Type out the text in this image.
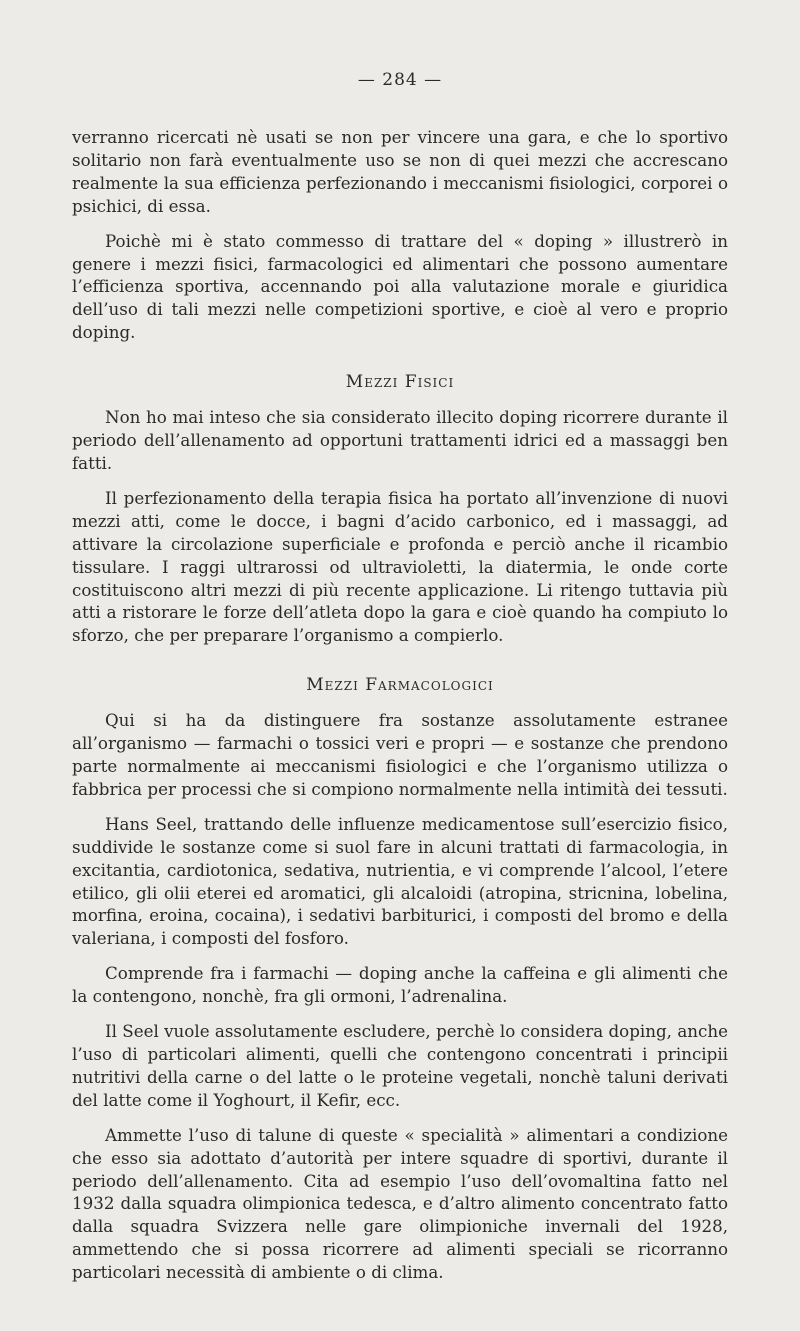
— 284 —

verranno ricercati nè usati se non per vincere una gara, e che lo sportivo solitario non farà eventualmente uso se non di quei mezzi che accrescano realmente la sua efficienza perfezionando i meccanismi fisiologici, corporei o psichici, di essa.

Poichè mi è stato commesso di trattare del « doping » illustrerò in genere i mezzi fisici, farmacologici ed alimentari che possono aumentare l’efficienza sportiva, accennando poi alla valutazione morale e giuridica dell’uso di tali mezzi nelle competizioni sportive, e cioè al vero e proprio doping.

Mezzi Fisici

Non ho mai inteso che sia considerato illecito doping ricorrere durante il periodo dell’allenamento ad opportuni trattamenti idrici ed a massaggi ben fatti.

Il perfezionamento della terapia fisica ha portato all’invenzione di nuovi mezzi atti, come le docce, i bagni d’acido carbonico, ed i massaggi, ad attivare la circolazione superficiale e profonda e perciò anche il ricambio tissulare. I raggi ultrarossi od ultravioletti, la diatermia, le onde corte costituiscono altri mezzi di più recente applicazione. Li ritengo tuttavia più atti a ristorare le forze dell’atleta dopo la gara e cioè quando ha compiuto lo sforzo, che per preparare l’organismo a compierlo.

Mezzi Farmacologici

Qui si ha da distinguere fra sostanze assolutamente estranee all’organismo — farmachi o tossici veri e propri — e sostanze che prendono parte normalmente ai meccanismi fisiologici e che l’organismo utilizza o fabbrica per processi che si compiono normalmente nella intimità dei tessuti.

Hans Seel, trattando delle influenze medicamentose sull’esercizio fisico, suddivide le sostanze come si suol fare in alcuni trattati di farmacologia, in excitantia, cardiotonica, sedativa, nutrientia, e vi comprende l’alcool, l’etere etilico, gli olii eterei ed aromatici, gli alcaloidi (atropina, stricnina, lobelina, morfina, eroina, cocaina), i sedativi barbiturici, i composti del bromo e della valeriana, i composti del fosforo.

Comprende fra i farmachi — doping anche la caffeina e gli alimenti che la contengono, nonchè, fra gli ormoni, l’adrenalina.

Il Seel vuole assolutamente escludere, perchè lo considera doping, anche l’uso di particolari alimenti, quelli che contengono concentrati i principii nutritivi della carne o del latte o le proteine vegetali, nonchè taluni derivati del latte come il Yoghourt, il Kefir, ecc.

Ammette l’uso di talune di queste « specialità » alimentari a condizione che esso sia adottato d’autorità per intere squadre di sportivi, durante il periodo dell’allenamento. Cita ad esempio l’uso dell’ovomaltina fatto nel 1932 dalla squadra olimpionica tedesca, e d’altro alimento concentrato fatto dalla squadra Svizzera nelle gare olimpioniche invernali del 1928, ammettendo che si possa ricorrere ad alimenti speciali se ricorranno particolari necessità di ambiente o di clima.
